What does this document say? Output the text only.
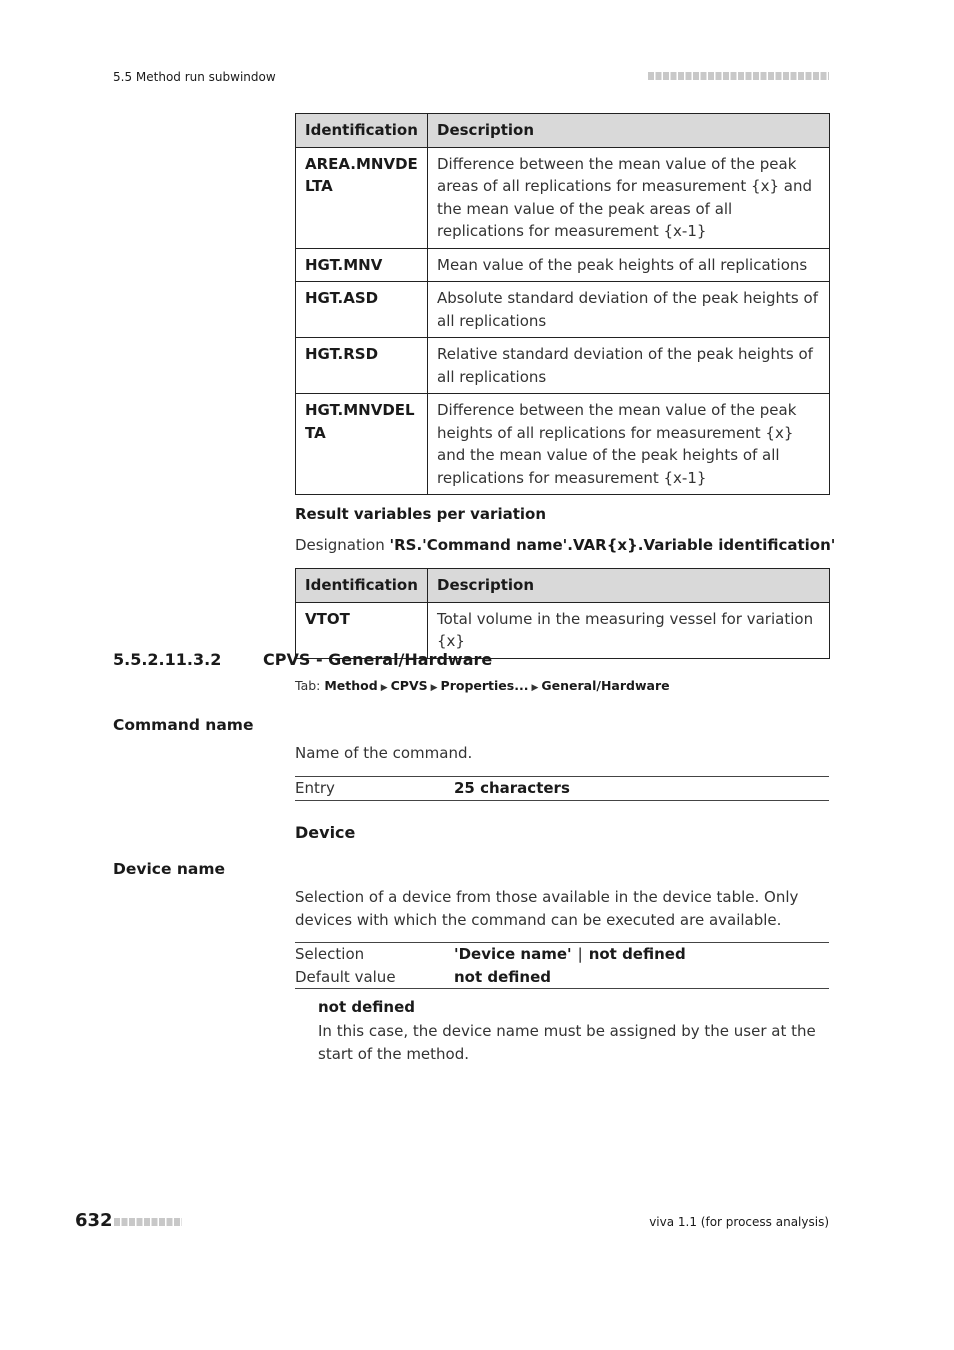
5.5 Method run subwindow
Identification	Description
AREA.MNVDELTA	Difference between the mean value of the peak areas of all replications for measurement {x} and the mean value of the peak areas of all replications for measurement {x-1}
HGT.MNV	Mean value of the peak heights of all replications
HGT.ASD	Absolute standard deviation of the peak heights of all replications
HGT.RSD	Relative standard deviation of the peak heights of all replications
HGT.MNVDELTA	Difference between the mean value of the peak heights of all replications for measurement {x} and the mean value of the peak heights of all replications for measurement {x-1}
Result variables per variation
Designation 'RS.'Command name'.VAR{x}.Variable identification'
Identification	Description
VTOT	Total volume in the measuring vessel for variation {x}
5.5.2.11.3.2	CPVS - General/Hardware
Tab: Method ▶ CPVS ▶ Properties... ▶ General/Hardware
Command name
Name of the command.
Entry	25 characters
Device
Device name
Selection of a device from those available in the device table. Only devices with which the command can be executed are available.
Selection	'Device name' | not defined
Default value	not defined
not defined
In this case, the device name must be assigned by the user at the start of the method.
632	viva 1.1 (for process analysis)
